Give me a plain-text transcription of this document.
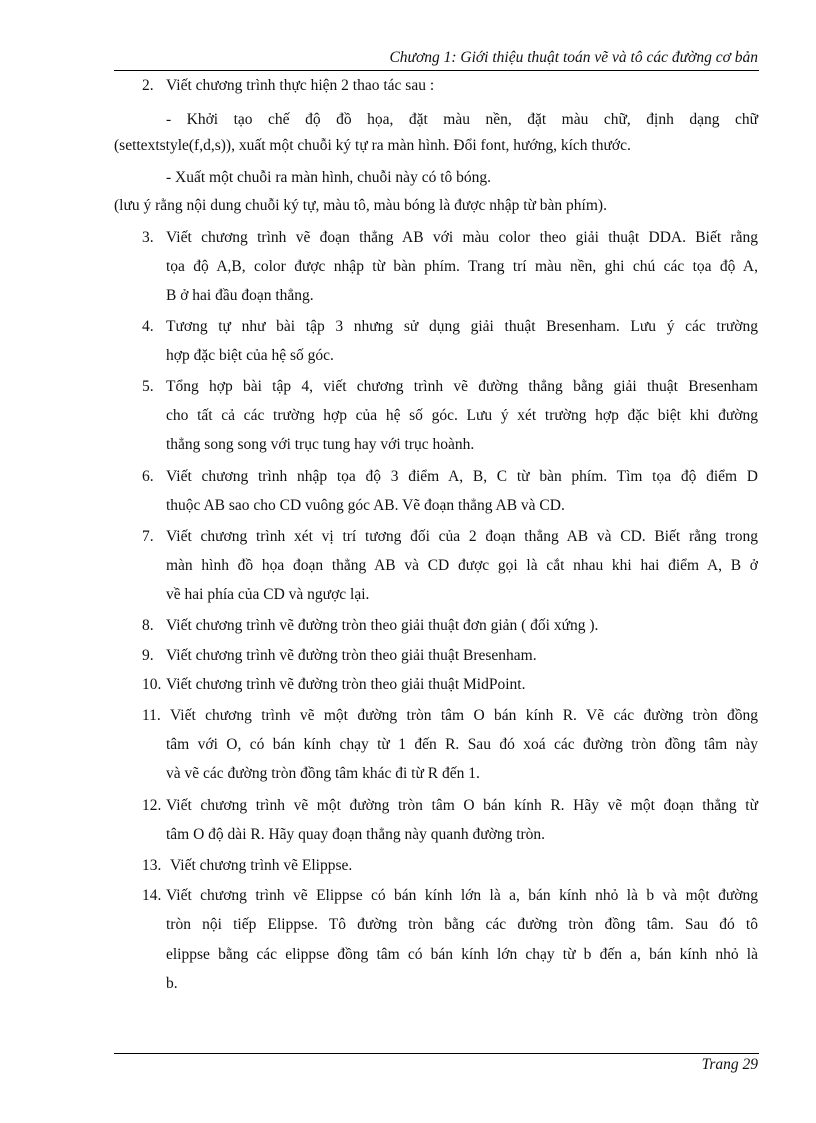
Chương 1: Giới thiệu thuật toán vẽ và tô các đường cơ bản
2. Viết chương trình thực hiện 2 thao tác sau :
- Khởi tạo chế độ đồ họa, đặt màu nền, đặt màu chữ, định dạng chữ
(settextstyle(f,d,s)), xuất một chuỗi ký tự ra màn hình. Đổi font, hướng, kích thước.
- Xuất một chuỗi ra màn hình, chuỗi này có tô bóng.
(lưu ý rằng nội dung chuỗi ký tự, màu tô, màu bóng là được nhập từ bàn phím).
3. Viết chương trình vẽ đoạn thẳng AB với màu color theo giải thuật DDA. Biết rằng
tọa độ A,B, color được nhập từ bàn phím. Trang trí màu nền, ghi chú các tọa độ A,
B ở hai đầu đoạn thẳng.
4. Tương tự như bài tập 3 nhưng sử dụng giải thuật Bresenham. Lưu ý các trường
hợp đặc biệt của hệ số góc.
5. Tổng hợp bài tập 4, viết chương trình vẽ đường thẳng bằng giải thuật Bresenham
cho tất cả các trường hợp của hệ số góc. Lưu ý xét trường hợp đặc biệt khi đường
thẳng song song với trục tung hay với trục hoành.
6. Viết chương trình nhập tọa độ 3 điểm A, B, C từ bàn phím. Tìm tọa độ điểm D
thuộc AB sao cho CD vuông góc AB. Vẽ đoạn thẳng AB và CD.
7. Viết chương trình xét vị trí tương đối của 2 đoạn thẳng AB và CD. Biết rằng trong
màn hình đồ họa đoạn thẳng AB và CD được gọi là cắt nhau khi hai điểm A, B ở
về hai phía của CD và ngược lại.
8. Viết chương trình vẽ đường tròn theo giải thuật đơn giản ( đối xứng ).
9. Viết chương trình vẽ đường tròn theo giải thuật Bresenham.
10. Viết chương trình vẽ đường tròn theo giải thuật MidPoint.
11. Viết chương trình vẽ một đường tròn tâm O bán kính R. Vẽ các đường tròn đồng
tâm với O, có bán kính chạy từ 1 đến R. Sau đó xoá các đường tròn đồng tâm này
và vẽ các đường tròn đồng tâm khác đi từ R đến 1.
12. Viết chương trình vẽ một đường tròn tâm O bán kính R. Hãy vẽ một đoạn thẳng từ
tâm O độ dài R. Hãy quay đoạn thẳng này quanh đường tròn.
13. Viết chương trình vẽ Elippse.
14. Viết chương trình vẽ Elippse có bán kính lớn là a, bán kính nhỏ là b và một đường
tròn nội tiếp Elippse. Tô đường tròn bằng các đường tròn đồng tâm. Sau đó tô
elippse bằng các elippse đồng tâm có bán kính lớn chạy từ b đến a, bán kính nhỏ là
b.
Trang 29
